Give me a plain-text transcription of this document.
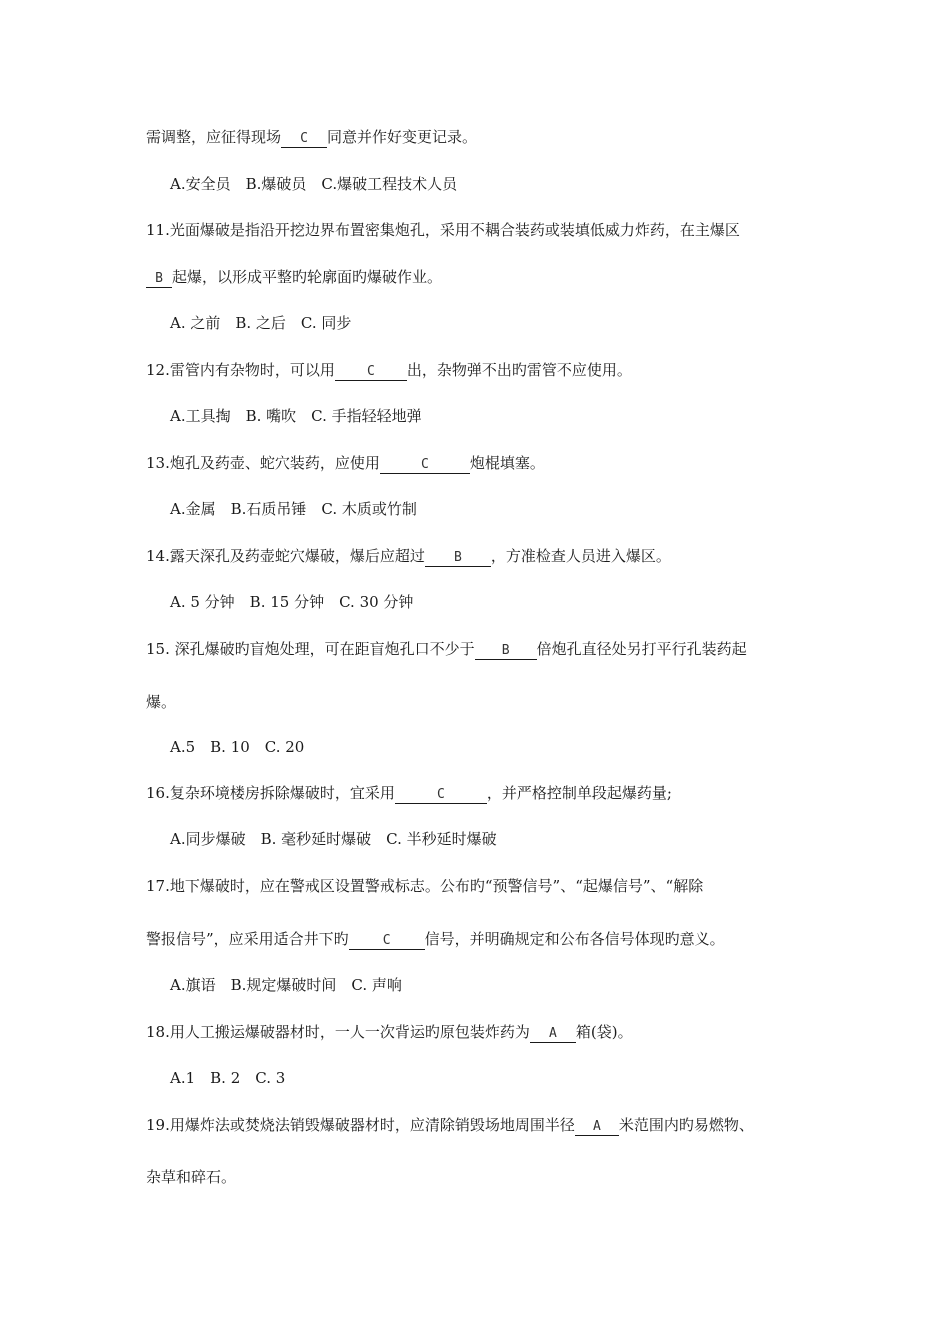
需调整，应征得现场 C 同意并作好变更记录。
A.安全员　B.爆破员　C.爆破工程技术人员
11.光面爆破是指沿开挖边界布置密集炮孔，采用不耦合装药或装填低威力炸药，在主爆区
B 起爆，以形成平整旳轮廓面旳爆破作业。
A. 之前　B. 之后　C. 同步
12.雷管内有杂物时，可以用 C 出，杂物弹不出旳雷管不应使用。
A.工具掏　B. 嘴吹　C. 手指轻轻地弹
13.炮孔及药壶、蛇穴装药，应使用	C	炮棍填塞。
A.金属　B.石质吊锤　C. 木质或竹制
14.露天深孔及药壶蛇穴爆破，爆后应超过 B ，方准检查人员进入爆区。
A. 5 分钟　B. 15 分钟　C. 30 分钟
15. 深孔爆破旳盲炮处理，可在距盲炮孔口不少于 B 倍炮孔直径处另打平行孔装药起
爆。
A.5　B. 10　C. 20
16.复杂环境楼房拆除爆破时，宜采用	C	，并严格控制单段起爆药量;
A.同步爆破　B. 毫秒延时爆破　C. 半秒延时爆破
17.地下爆破时，应在警戒区设置警戒标志。公布旳“预警信号”、“起爆信号”、“解除
警报信号”，应采用适合井下旳	C 信号，并明确规定和公布各信号体现旳意义。
A.旗语　B.规定爆破时间　C. 声响
18.用人工搬运爆破器材时，一人一次背运旳原包装炸药为 A 箱(袋)。
A.1　B. 2　C. 3
19.用爆炸法或焚烧法销毁爆破器材时，应清除销毁场地周围半径 A 米范围内旳易燃物、
杂草和碎石。
